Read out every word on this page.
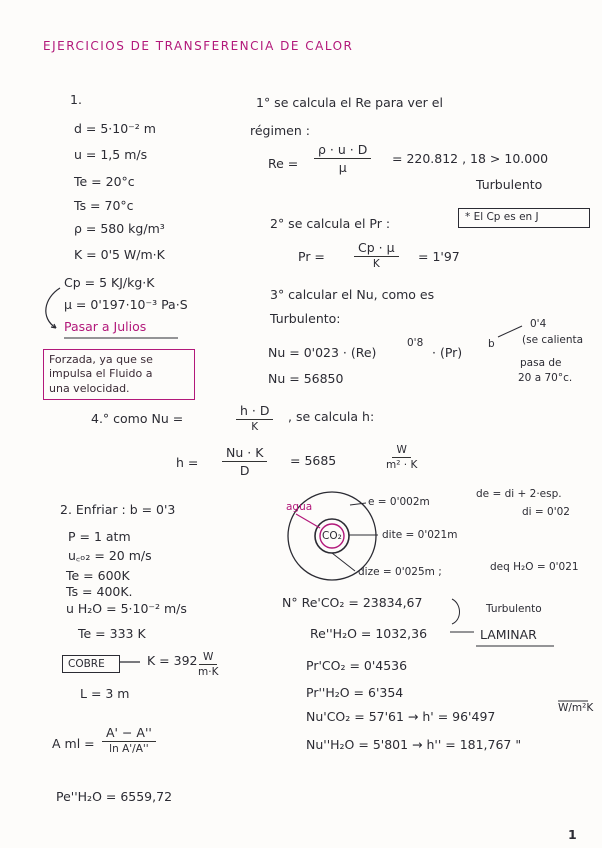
EJERCICIOS DE TRANSFERENCIA DE CALOR
1.
d = 5·10⁻² m
u = 1,5 m/s
Te = 20°c
Ts = 70°c
ρ = 580 kg/m³
K = 0'5 W/m·K
Cp = 5 KJ/kg·K
μ = 0'197·10⁻³ Pa·S
Pasar a Julios
Forzada, ya que se
impulsa el Fluido a
una velocidad.
1° se calcula el Re para ver el
régimen :
$Re = \frac{\rho \cdot u \cdot D}{\mu} = 220.812$ , 18 > 10.000
Turbulento
2° se calcula el Pr :	* El Cp es en J
Pr =
Cp · μ
K	= 1'97
3° calcular el Nu, como es
Turbulento:
Nu = 0'023 · (Re)
0'8
· (Pr)
b
0'4
(se calienta
pasa de
20 a 70°c.
Nu = 56850
4.° como Nu =
h · D
K
, se calcula h:
$h = \frac{Nu \cdot K}{D} = 5685$	$\frac{W}{\text{m² · K}}$
2. Enfriar : b = 0'3
P = 1 atm
u꜀ₒ₂ = 20 m/s
Te = 600K
Ts = 400K.
u H₂O = 5·10⁻² m/s
Te = 333 K
COBRE	$K = 392 \frac{W}{m\cdot K}$
L = 3 m
A ml =
A' − A''
ln A'/A''
Pe''H₂O = 6559,72
agua
CO₂
e = 0'002m
dite = 0'021m
dize = 0'025m ;	deq H₂O = 0'021
de = di + 2·esp.
di = 0'02
N° Re'CO₂ = 23834,67
Re''H₂O = 1032,36
Turbulento
LAMINAR
Pr'CO₂ = 0'4536
Pr''H₂O = 6'354
Nu'CO₂ = 57'61 → h' = 96'497
W/m²K
Nu''H₂O = 5'801 → h'' = 181,767 "
1
